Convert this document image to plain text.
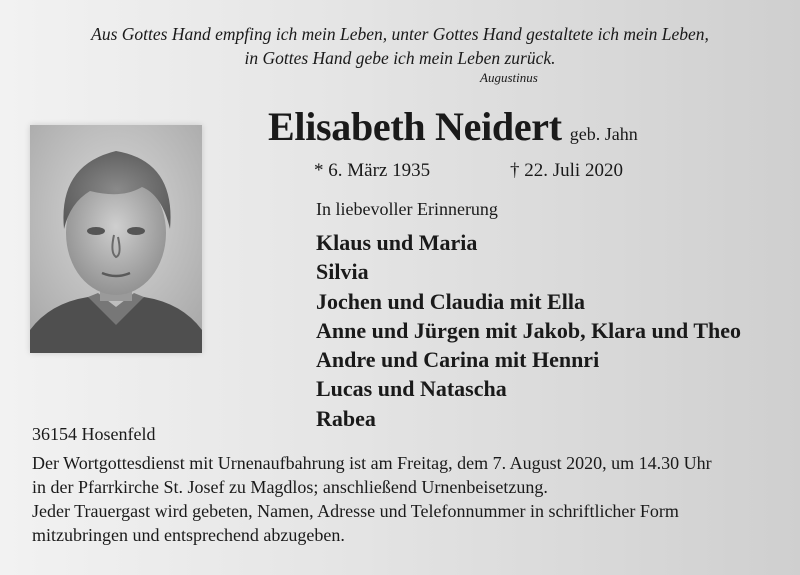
Aus Gottes Hand empfing ich mein Leben, unter Gottes Hand gestaltete ich mein Leben,
in Gottes Hand gebe ich mein Leben zurück.
Augustinus
Elisabeth Neidert geb. Jahn
* 6. März 1935	† 22. Juli 2020
In liebevoller Erinnerung
Klaus und Maria
Silvia
Jochen und Claudia mit Ella
Anne und Jürgen mit Jakob, Klara und Theo
Andre und Carina mit Hennri
Lucas und Natascha
Rabea
36154 Hosenfeld

Der Wortgottesdienst mit Urnenaufbahrung ist am Freitag, dem 7. August 2020, um 14.30 Uhr

in der Pfarrkirche St. Josef zu Magdlos; anschließend Urnenbeisetzung.

Jeder Trauergast wird gebeten, Namen, Adresse und Telefonnummer in schriftlicher Form

mitzubringen und entsprechend abzugeben.
